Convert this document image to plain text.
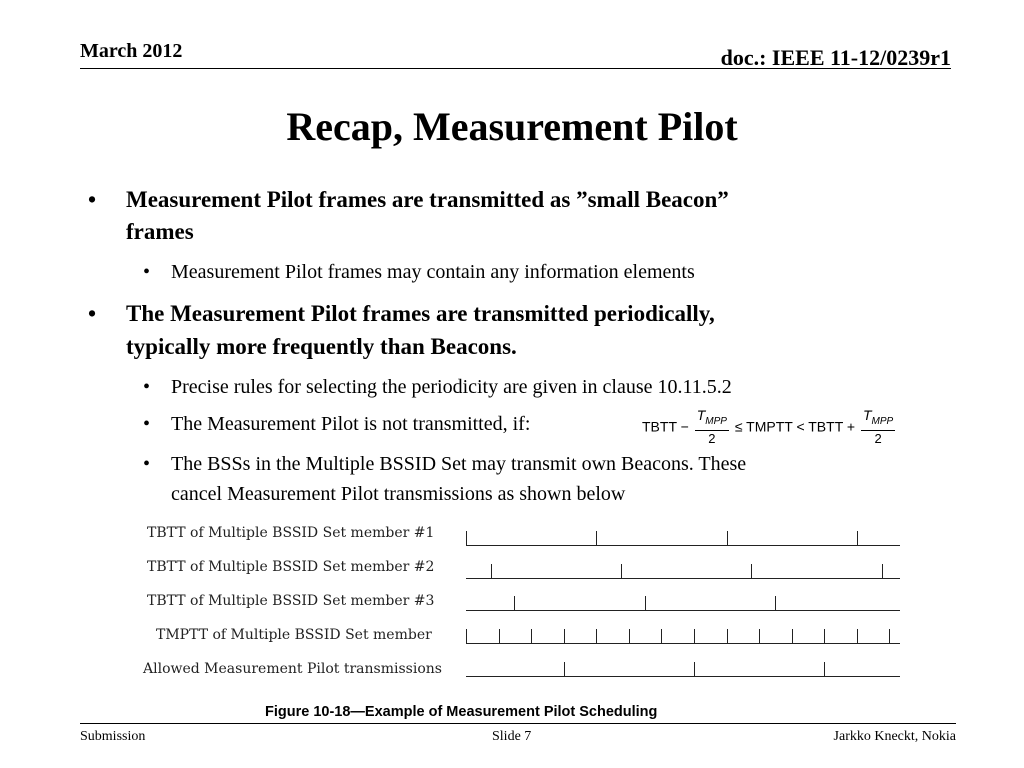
March 2012	doc.: IEEE 11-12/0239r1
Recap, Measurement Pilot
• Measurement Pilot frames are transmitted as ”small Beacon”
frames
• Measurement Pilot frames may contain any information elements
• The Measurement Pilot frames are transmitted periodically,
typically more frequently than Beacons.
• Precise rules for selecting the periodicity are given in clause 10.11.5.2
• The Measurement Pilot is not transmitted, if:	TBTT − $\frac{T_{MPP}}{2}$ ≤ TMPTT < TBTT + $\frac{T_{MPP}}{2}$
• The BSSs in the Multiple BSSID Set may transmit own Beacons. These
cancel Measurement Pilot transmissions as shown below
TBTT of Multiple BSSID Set member #1
TBTT of Multiple BSSID Set member #2
TBTT of Multiple BSSID Set member #3
TMPTT of Multiple BSSID Set member
Allowed Measurement Pilot transmissions
Figure 10-18—Example of Measurement Pilot Scheduling
Submission	Slide 7	Jarkko Kneckt, Nokia
